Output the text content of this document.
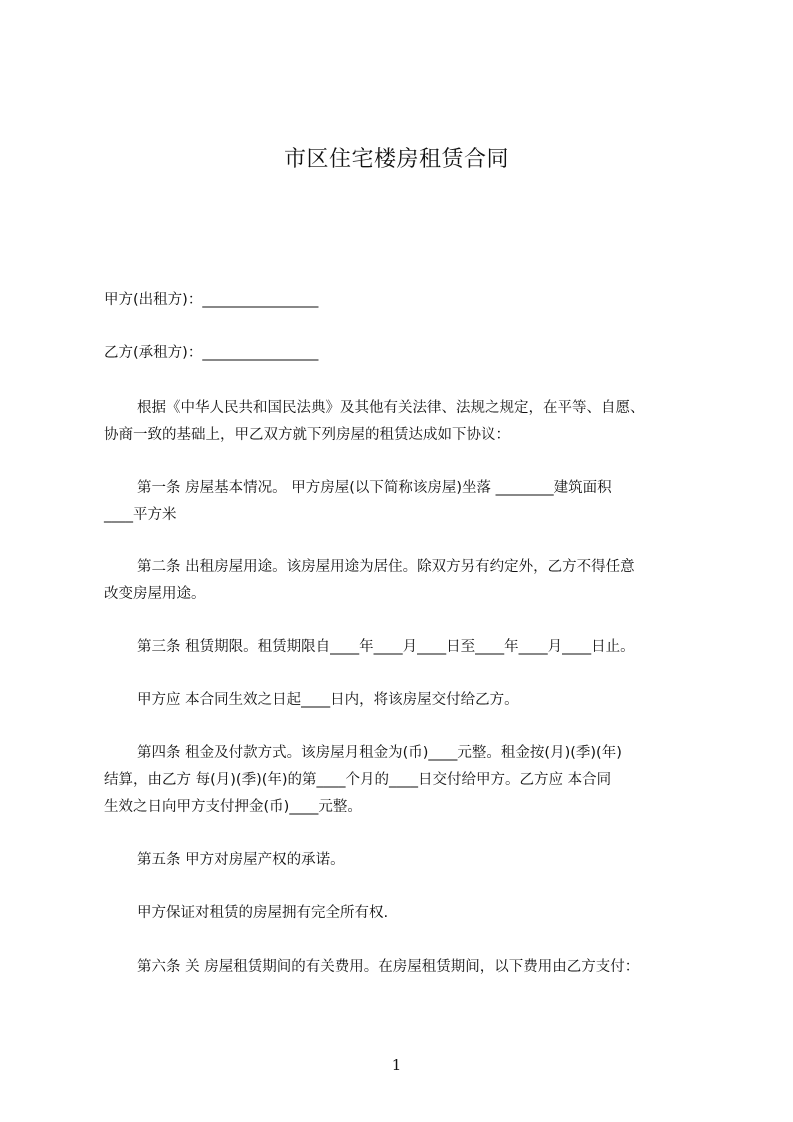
市区住宅楼房租赁合同
甲方(出租方)：________________
乙方(承租方)：________________
根据《中华人民共和国民法典》及其他有关法律、法规之规定，在平等、自愿、
协商一致的基础上，甲乙双方就下列房屋的租赁达成如下协议：
第一条 房屋基本情况。 甲方房屋(以下简称该房屋)坐落 ________建筑面积
____平方米
第二条 出租房屋用途。该房屋用途为居住。除双方另有约定外，乙方不得任意
改变房屋用途。
第三条 租赁期限。租赁期限自____年____月____日至____年____月____日止。
甲方应 本合同生效之日起____日内，将该房屋交付给乙方。
第四条 租金及付款方式。该房屋月租金为(币)____元整。租金按(月)(季)(年)
结算，由乙方 每(月)(季)(年)的第____个月的____日交付给甲方。乙方应 本合同
生效之日向甲方支付押金(币)____元整。
第五条 甲方对房屋产权的承诺。
甲方保证对租赁的房屋拥有完全所有权.
第六条 关 房屋租赁期间的有关费用。在房屋租赁期间，以下费用由乙方支付：
1
